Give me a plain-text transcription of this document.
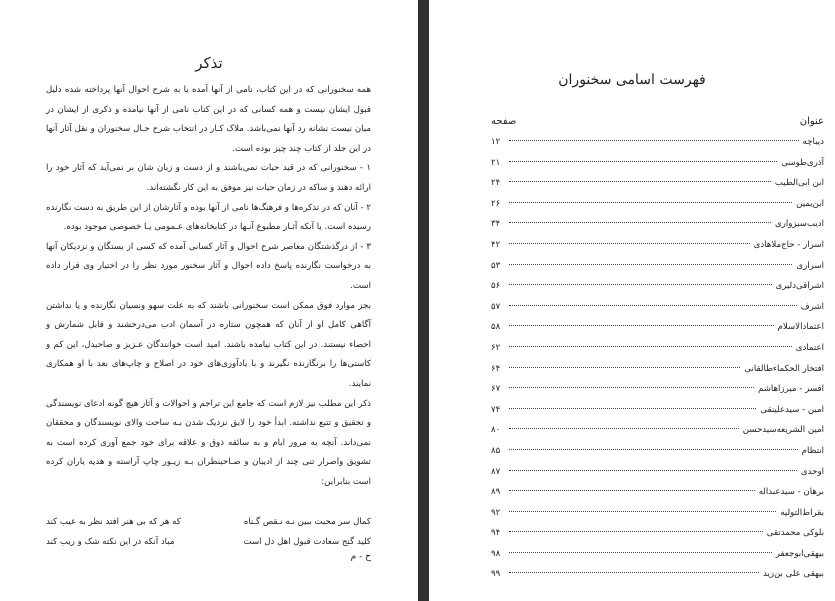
تذکر

همه سخنورانی که در این کتاب، نامی از آنها آمده یا به شرح احوال آنها پرداخته شده دلیل قبول ایشان نیست و همه کسانی که در این کتاب نامی از آنها نیامده و ذکری از ایشان در میان نیست نشانه رد آنها نمی‌باشد. ملاک کـار در انتخاب شرح حـال سخنوران و نقل آثار آنها در این جلد از کتاب چند چیز بوده است.

۱ - سخنورانی که در قید حیات نمی‌باشند و از دست و زبان شان بر نمی‌آید که آثار خود را ارائه دهند و ساکه در زمان حیات نیز موفق به این کار نگشته‌اند.

۲ - آنان که در تذکره‌ها و فرهنگ‌ها نامی از آنها بوده و آثارشان از این طریق به دست نگارنده رسیده است. یا آنکه آثـار مطبوع آنـها در کتابخانه‌های عـمومی یـا خصوصی موجود بوده.

۳ - از درگذشتگان معاصر شرح احوال و آثار کسانی آمده که کسی از بستگان و نزدیکان آنها به درخواست نگارنده پاسخ داده احوال و آثار سخنور مورد نظر را در اختیار وی قرار داده است.

بجز موارد فوق ممکن است سخنورانی باشند که به علت سهو ونسیان نگارنده و یا نداشتن آگاهی کامل او از آنان که همچون ستاره در آسمان ادب می‌درخشند و قابل شمارش و احصاء نیستند. در این کتاب نیامده باشند. امید است خوانندگان عـزیز و صاحبدل، این کم و کاستی‌ها را برنگارنده نگیرند و با یادآوری‌های خود در اصلاح و چاپ‌های بعد با او همکاری نمایند.

ذکر این مطلب نیز لازم است که جامع این تراجم و احوالات و آثار هیچ گونه ادعای نویسندگی و تحقیق و تتبع نداشته. ابدأ خود را لایق نزدیک شدن بـه ساحت والای نویسندگان و محققان نمی‌داند. آنچه به مرور ایام و به سائقه ذوق و علاقه برای خود جمع آوری کرده است به تشویق واصرار تنی چند از ادیبان و صـاحبنظران بـه زیـور چاپ آراسته و هدیه یاران کرده است بنابراین:

کمال سر محبت ببین نـه نـقص گـناه
که هر که بی هنر افتد نظر به عیب کند
کلید گنج سعادت قبول اهل دل است
مباد آنکه در این نکته شک و ریب کند
ح - م
فهرست اسامی سخنوران
عنوان
صفحه
دیباچه
۱۲
آذری‌طوسی
۲۱
ابن ابی‌الطیب
۲۴
ابن‌یمین
۲۶
ادیب‌سبزواری
۳۴
اسرار - حاج‌ملاهادی
۴۲
اسراری
۵۳
اشراقی‌دلیری
۵۶
اشرف
۵۷
اعتمادالاسلام
۵۸
اعتمادی
۶۲
افتخار الحکماء‌طالقانی
۶۴
افسر - میرزاهاشم
۶۷
امین - سیدعلینقی
۷۴
امین الشریعه‌سیدحسن
۸۰
انتظام
۸۵
اوحدی
۸۷
برهان - سیدعبداله
۸۹
بقراط‌التولیه
۹۲
بلوکی محمدتقی
۹۴
بیهقی‌ابوجعفر
۹۸
بیهقی علی بن‌زید
۹۹
